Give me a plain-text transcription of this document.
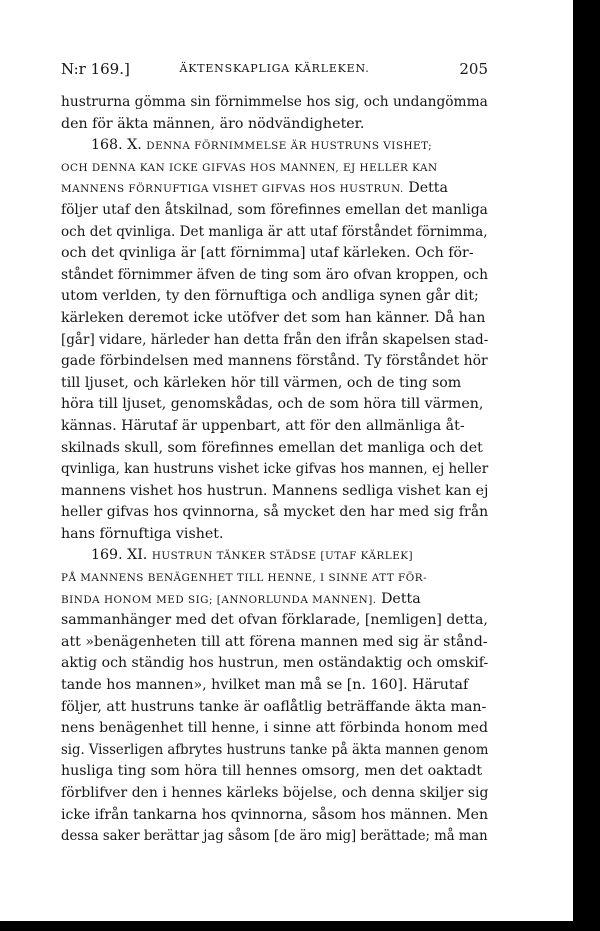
N:r 169.]	ÄKTENSKAPLIGA KÄRLEKEN.	205
hustrurna gömma sin förnimmelse hos sig, och undangömma
den för äkta männen, äro nödvändigheter.
168. X. DENNA FÖRNIMMELSE ÄR HUSTRUNS VISHET;
OCH DENNA KAN ICKE GIFVAS HOS MANNEN, EJ HELLER KAN
MANNENS FÖRNUFTIGA VISHET GIFVAS HOS HUSTRUN. Detta
följer utaf den åtskilnad, som förefinnes emellan det manliga
och det qvinliga. Det manliga är att utaf förståndet förnimma,
och det qvinliga är [att förnimma] utaf kärleken. Och för-
ståndet förnimmer äfven de ting som äro ofvan kroppen, och
utom verlden, ty den förnuftiga och andliga synen går dit;
kärleken deremot icke utöfver det som han känner. Då han
[går] vidare, härleder han detta från den ifrån skapelsen stad-
gade förbindelsen med mannens förstånd. Ty förståndet hör
till ljuset, och kärleken hör till värmen, och de ting som
höra till ljuset, genomskådas, och de som höra till värmen,
kännas. Härutaf är uppenbart, att för den allmänliga åt-
skilnads skull, som förefinnes emellan det manliga och det
qvinliga, kan hustruns vishet icke gifvas hos mannen, ej heller
mannens vishet hos hustrun. Mannens sedliga vishet kan ej
heller gifvas hos qvinnorna, så mycket den har med sig från
hans förnuftiga vishet.
169. XI. HUSTRUN TÄNKER STÄDSE [UTAF KÄRLEK]
PÅ MANNENS BENÄGENHET TILL HENNE, I SINNE ATT FÖR-
BINDA HONOM MED SIG; [ANNORLUNDA MANNEN]. Detta
sammanhänger med det ofvan förklarade, [nemligen] detta,
att »benägenheten till att förena mannen med sig är stånd-
aktig och ständig hos hustrun, men oständaktig och omskif-
tande hos mannen», hvilket man må se [n. 160]. Härutaf
följer, att hustruns tanke är oaflåtlig beträffande äkta man-
nens benägenhet till henne, i sinne att förbinda honom med
sig. Visserligen afbrytes hustruns tanke på äkta mannen genom
husliga ting som höra till hennes omsorg, men det oaktadt
förblifver den i hennes kärleks böjelse, och denna skiljer sig
icke ifrån tankarna hos qvinnorna, såsom hos männen. Men
dessa saker berättar jag såsom [de äro mig] berättade; må man
